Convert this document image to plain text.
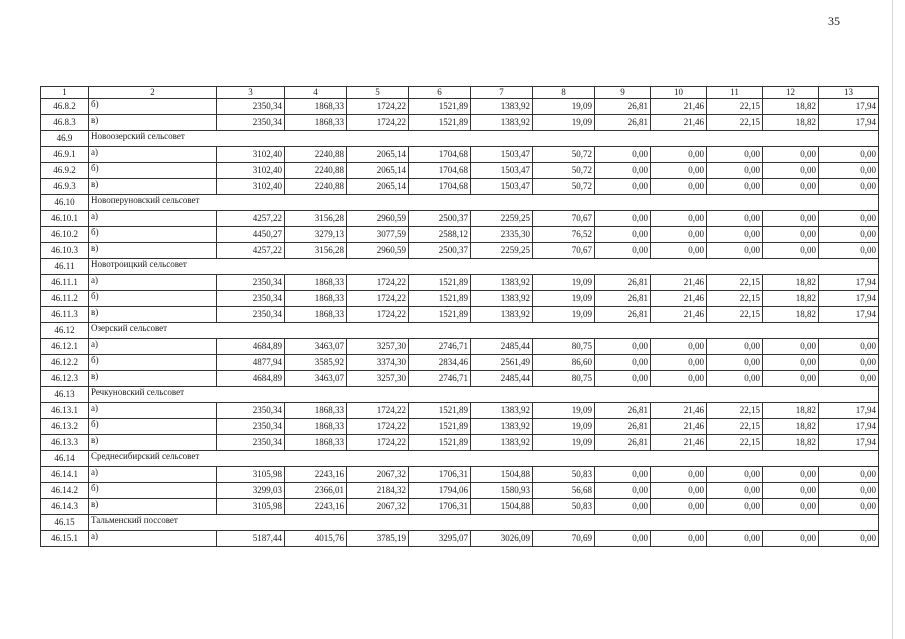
35
1	2	3	4	5	6	7	8	9	10	11	12	13
46.8.2	б)	2350,34	1868,33	1724,22	1521,89	1383,92	19,09	26,81	21,46	22,15	18,82	17,94
46.8.3	в)	2350,34	1868,33	1724,22	1521,89	1383,92	19,09	26,81	21,46	22,15	18,82	17,94
46.9	Новоозерский сельсовет											
46.9.1	а)	3102,40	2240,88	2065,14	1704,68	1503,47	50,72	0,00	0,00	0,00	0,00	0,00
46.9.2	б)	3102,40	2240,88	2065,14	1704,68	1503,47	50,72	0,00	0,00	0,00	0,00	0,00
46.9.3	в)	3102,40	2240,88	2065,14	1704,68	1503,47	50,72	0,00	0,00	0,00	0,00	0,00
46.10	Новоперуновский сельсовет											
46.10.1	а)	4257,22	3156,28	2960,59	2500,37	2259,25	70,67	0,00	0,00	0,00	0,00	0,00
46.10.2	б)	4450,27	3279,13	3077,59	2588,12	2335,30	76,52	0,00	0,00	0,00	0,00	0,00
46.10.3	в)	4257,22	3156,28	2960,59	2500,37	2259,25	70,67	0,00	0,00	0,00	0,00	0,00
46.11	Новотроицкий сельсовет											
46.11.1	а)	2350,34	1868,33	1724,22	1521,89	1383,92	19,09	26,81	21,46	22,15	18,82	17,94
46.11.2	б)	2350,34	1868,33	1724,22	1521,89	1383,92	19,09	26,81	21,46	22,15	18,82	17,94
46.11.3	в)	2350,34	1868,33	1724,22	1521,89	1383,92	19,09	26,81	21,46	22,15	18,82	17,94
46.12	Озерский сельсовет											
46.12.1	а)	4684,89	3463,07	3257,30	2746,71	2485,44	80,75	0,00	0,00	0,00	0,00	0,00
46.12.2	б)	4877,94	3585,92	3374,30	2834,46	2561,49	86,60	0,00	0,00	0,00	0,00	0,00
46.12.3	в)	4684,89	3463,07	3257,30	2746,71	2485,44	80,75	0,00	0,00	0,00	0,00	0,00
46.13	Речкуновский сельсовет											
46.13.1	а)	2350,34	1868,33	1724,22	1521,89	1383,92	19,09	26,81	21,46	22,15	18,82	17,94
46.13.2	б)	2350,34	1868,33	1724,22	1521,89	1383,92	19,09	26,81	21,46	22,15	18,82	17,94
46.13.3	в)	2350,34	1868,33	1724,22	1521,89	1383,92	19,09	26,81	21,46	22,15	18,82	17,94
46.14	Среднесибирский сельсовет											
46.14.1	а)	3105,98	2243,16	2067,32	1706,31	1504,88	50,83	0,00	0,00	0,00	0,00	0,00
46.14.2	б)	3299,03	2366,01	2184,32	1794,06	1580,93	56,68	0,00	0,00	0,00	0,00	0,00
46.14.3	в)	3105,98	2243,16	2067,32	1706,31	1504,88	50,83	0,00	0,00	0,00	0,00	0,00
46.15	Тальменский поссовет											
46.15.1	а)	5187,44	4015,76	3785,19	3295,07	3026,09	70,69	0,00	0,00	0,00	0,00	0,00
